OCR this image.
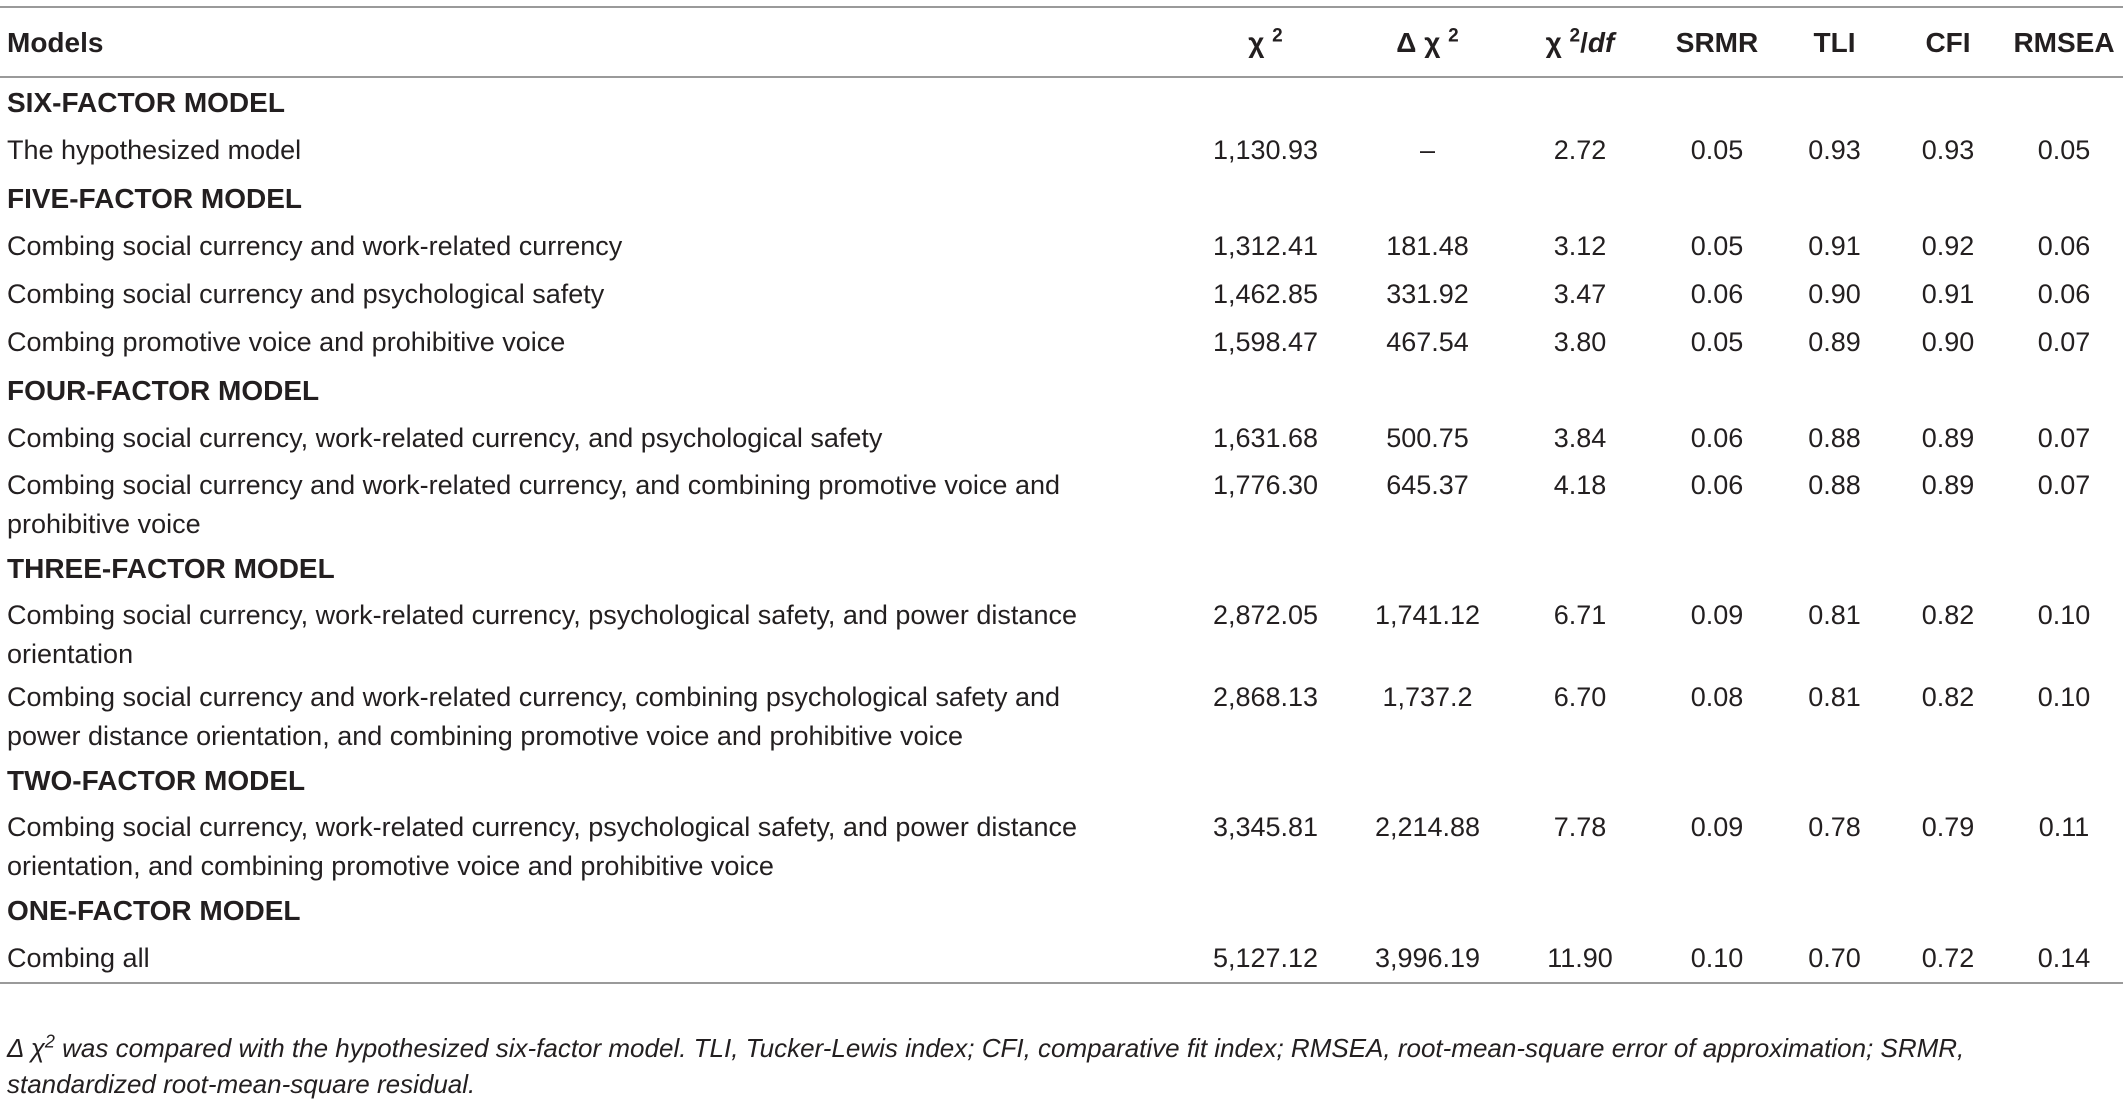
Models	χ $^2$	Δ χ $^2$	χ $^2$/df	SRMR	TLI	CFI	RMSEA
SIX-FACTOR MODEL							
The hypothesized model	1,130.93	–	2.72	0.05	0.93	0.93	0.05
FIVE-FACTOR MODEL							
Combing social currency and work-related currency	1,312.41	181.48	3.12	0.05	0.91	0.92	0.06
Combing social currency and psychological safety	1,462.85	331.92	3.47	0.06	0.90	0.91	0.06
Combing promotive voice and prohibitive voice	1,598.47	467.54	3.80	0.05	0.89	0.90	0.07
FOUR-FACTOR MODEL							
Combing social currency, work-related currency, and psychological safety	1,631.68	500.75	3.84	0.06	0.88	0.89	0.07
Combing social currency and work-related currency, and combining promotive voice and prohibitive voice	1,776.30	645.37	4.18	0.06	0.88	0.89	0.07
THREE-FACTOR MODEL							
Combing social currency, work-related currency, psychological safety, and power distance orientation	2,872.05	1,741.12	6.71	0.09	0.81	0.82	0.10
Combing social currency and work-related currency, combining psychological safety and power distance orientation, and combining promotive voice and prohibitive voice	2,868.13	1,737.2	6.70	0.08	0.81	0.82	0.10
TWO-FACTOR MODEL							
Combing social currency, work-related currency, psychological safety, and power distance orientation, and combining promotive voice and prohibitive voice	3,345.81	2,214.88	7.78	0.09	0.78	0.79	0.11
ONE-FACTOR MODEL							
Combing all	5,127.12	3,996.19	11.90	0.10	0.70	0.72	0.14
Δ $\chi^2$ was compared with the hypothesized six-factor model. TLI, Tucker-Lewis index; CFI, comparative fit index; RMSEA, root-mean-square error of approximation; SRMR, standardized root-mean-square residual.
